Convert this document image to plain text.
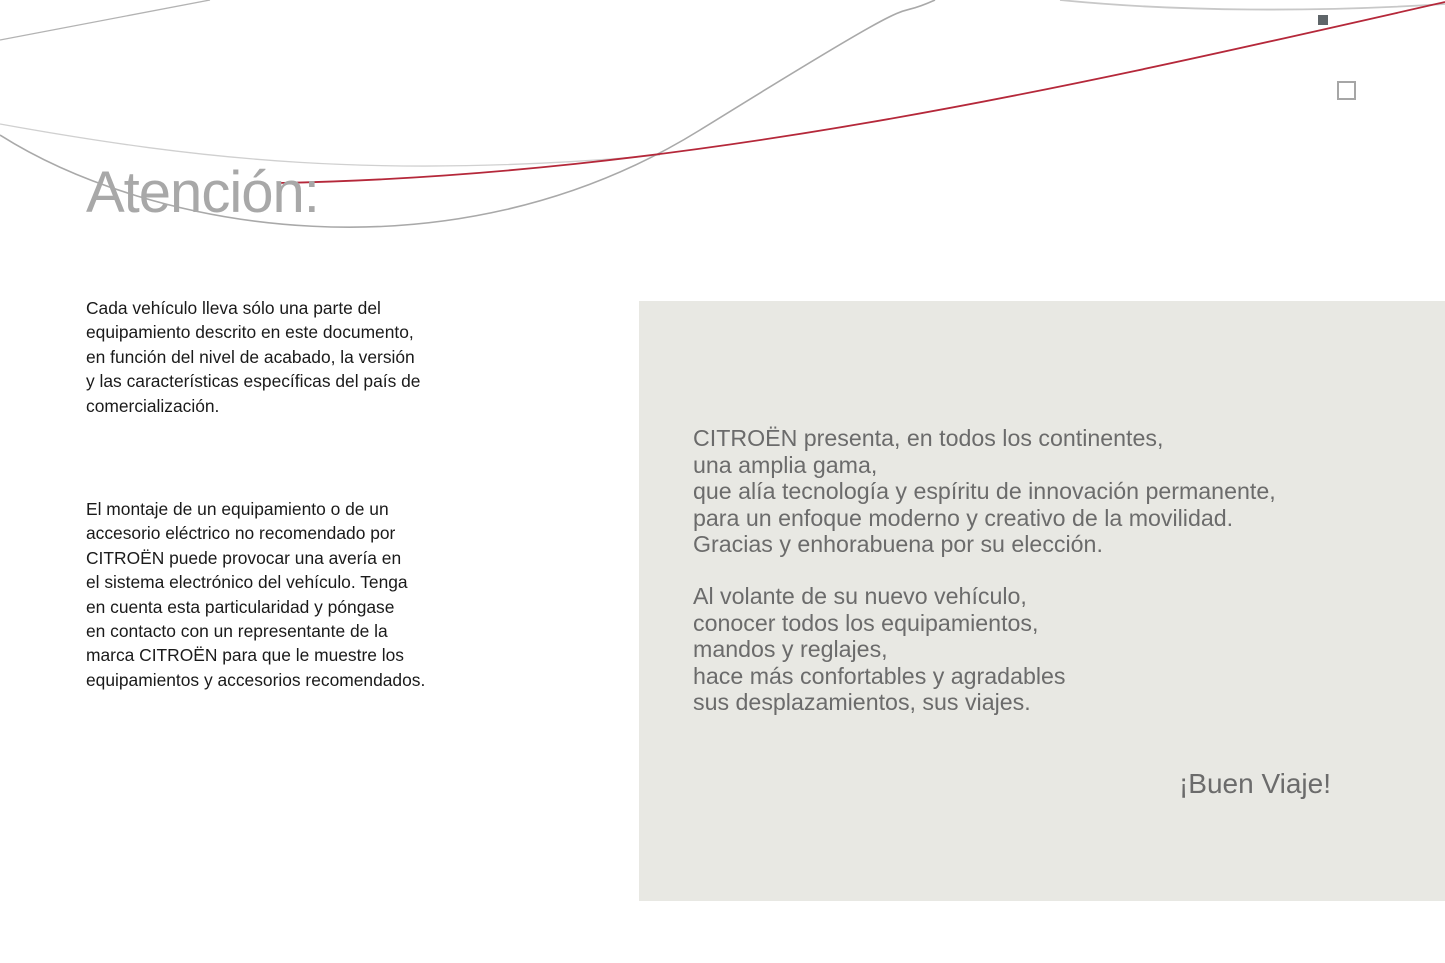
Atención:

Cada vehículo lleva sólo una parte del
equipamiento descrito en este documento,
en función del nivel de acabado, la versión
y las características específicas del país de
comercialización.

El montaje de un equipamiento o de un
accesorio eléctrico no recomendado por
CITROËN puede provocar una avería en
el sistema electrónico del vehículo. Tenga
en cuenta esta particularidad y póngase
en contacto con un representante de la
marca CITROËN para que le muestre los
equipamientos y accesorios recomendados.

CITROËN presenta, en todos los continentes,
una amplia gama,
que alía tecnología y espíritu de innovación permanente,
para un enfoque moderno y creativo de la movilidad.
Gracias y enhorabuena por su elección.

Al volante de su nuevo vehículo,
conocer todos los equipamientos,
mandos y reglajes,
hace más confortables y agradables
sus desplazamientos, sus viajes.

¡Buen Viaje!
